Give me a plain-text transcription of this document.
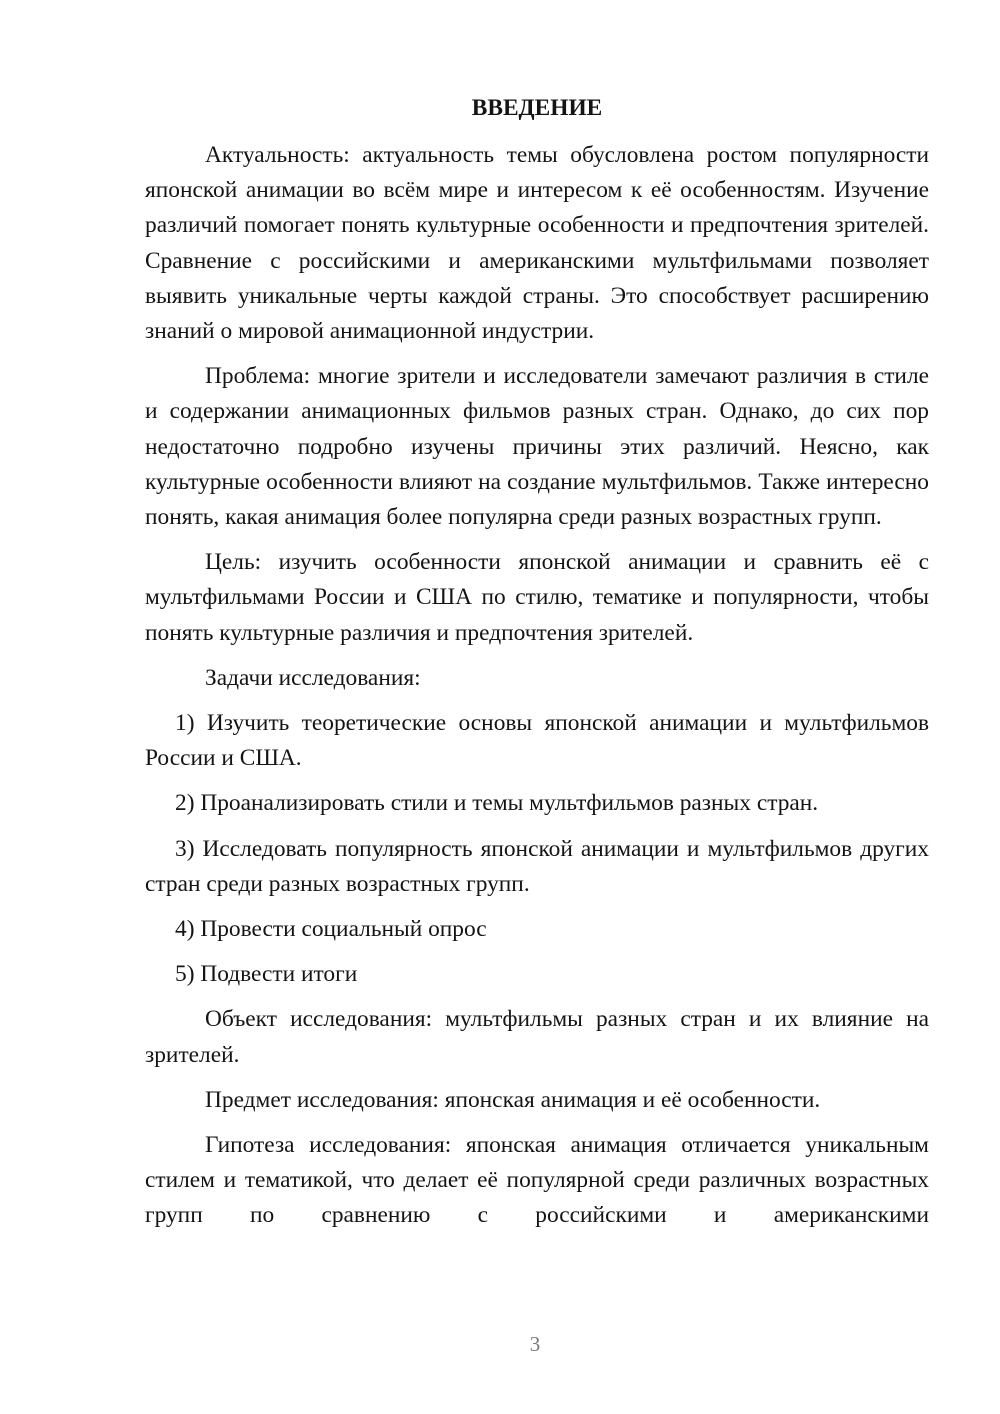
ВВЕДЕНИЕ

Актуальность: актуальность темы обусловлена ростом популярности японской анимации во всём мире и интересом к её особенностям. Изучение различий помогает понять культурные особенности и предпочтения зрителей. Сравнение с российскими и американскими мультфильмами позволяет выявить уникальные черты каждой страны. Это способствует расширению знаний о мировой анимационной индустрии.

Проблема: многие зрители и исследователи замечают различия в стиле и содержании анимационных фильмов разных стран. Однако, до сих пор недостаточно подробно изучены причины этих различий. Неясно, как культурные особенности влияют на создание мультфильмов. Также интересно понять, какая анимация более популярна среди разных возрастных групп.

Цель: изучить особенности японской анимации и сравнить её с мультфильмами России и США по стилю, тематике и популярности, чтобы понять культурные различия и предпочтения зрителей.

Задачи исследования:

1) Изучить теоретические основы японской анимации и мультфильмов России и США.

2) Проанализировать стили и темы мультфильмов разных стран.

3) Исследовать популярность японской анимации и мультфильмов других стран среди разных возрастных групп.

4) Провести социальный опрос

5) Подвести итоги

Объект исследования: мультфильмы разных стран и их влияние на зрителей.

Предмет исследования: японская анимация и её особенности.

Гипотеза исследования: японская анимация отличается уникальным стилем и тематикой, что делает её популярной среди различных возрастных групп по сравнению с российскими и американскими

3
